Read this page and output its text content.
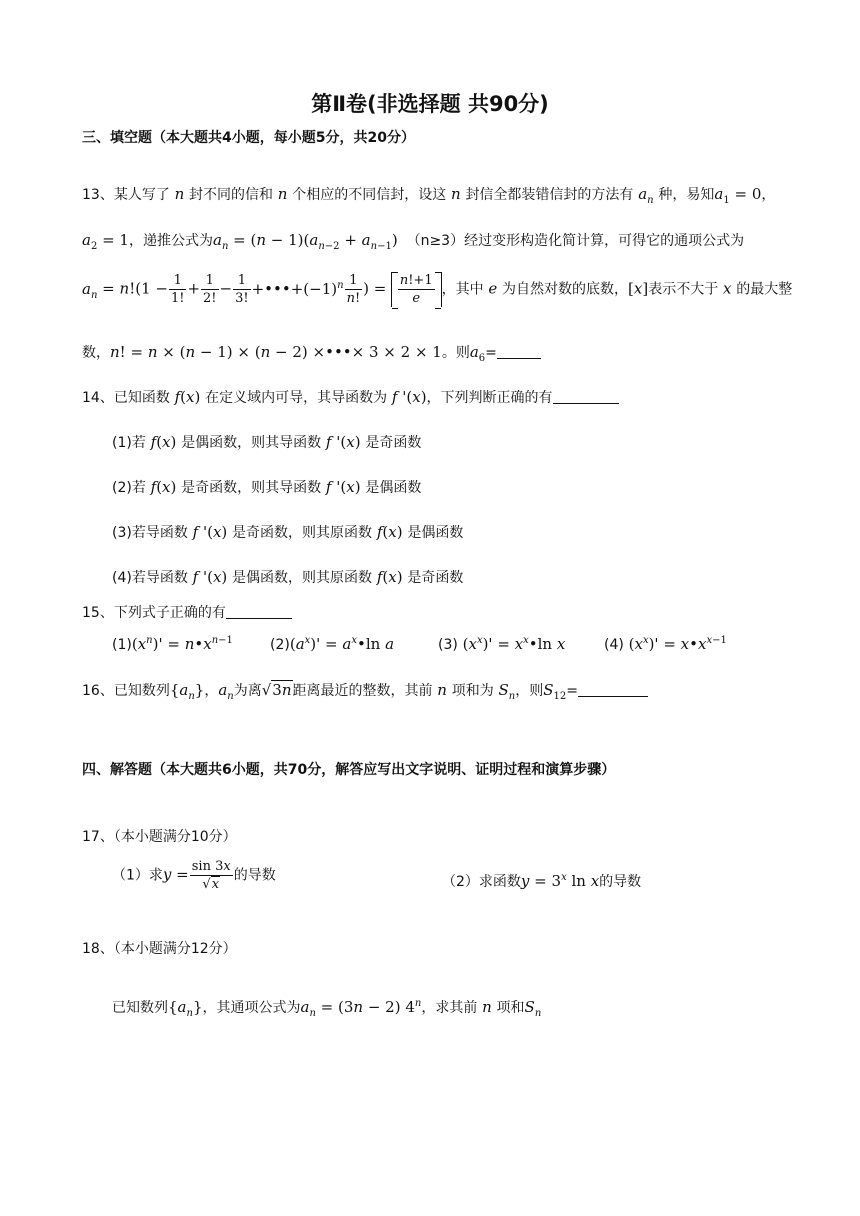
第Ⅱ卷(非选择题 共90分)
三、填空题（本大题共4小题，每小题5分，共20分）
13、某人写了 n 封不同的信和 n 个相应的不同信封，设这 n 封信全都装错信封的方法有 $a_n$ 种，易知$a_1 = 0$，
$a_2 = 1$，递推公式为$a_n = (n - 1)(a_{n-2} + a_{n-1})$ （n≥3）经过变形构造化简计算，可得它的通项公式为
$a_n = n!(1 - \frac{1}{1!} + \frac{1}{2!} - \frac{1}{3!}$ $+•••+(-1)^n \frac{1}{n!}$ ) = $\frac{n!+1}{e}$ ，其中 e 为自然对数的底数，[x]表示不大于 x 的最大整
数，n! = n × (n − 1) × (n − 2) ×•••× 3 × 2 × 1。则$a_6=$
14、已知函数 f(x) 在定义域内可导，其导函数为 f '(x)，下列判断正确的有
(1)若 f(x) 是偶函数，则其导函数 f '(x) 是奇函数
(2)若 f(x) 是奇函数，则其导函数 f '(x) 是偶函数
(3)若导函数 f '(x) 是奇函数，则其原函数 f(x) 是偶函数
(4)若导函数 f '(x) 是偶函数，则其原函数 f(x) 是奇函数
15、下列式子正确的有
$(1)(x^n)'$ = $n•x^{n-1}$	$(2)(a^x)'$ = $a^x•\ln$ a	(3) $(x^x)'$ = $x^x•\ln$ x	(4) $(x^x)'$ = $x•x^{x-1}$
16、已知数列$\{a_n\}$，$a_n$为离√3n距离最近的整数，其前 n 项和为 $S_n$，则$S_{12}=$
四、解答题（本大题共6小题，共70分，解答应写出文字说明、证明过程和演算步骤）
17、（本小题满分10分）
（1）求$y = \frac{\sin 3x}{√x}$ 的导数	（2）求函数$y = 3^x$ ln x的导数
18、（本小题满分12分）
已知数列$\{a_n\}$，其通项公式为$a_n = (3n - 2)$ 4$^n$，求其前 n 项和$S_n$
